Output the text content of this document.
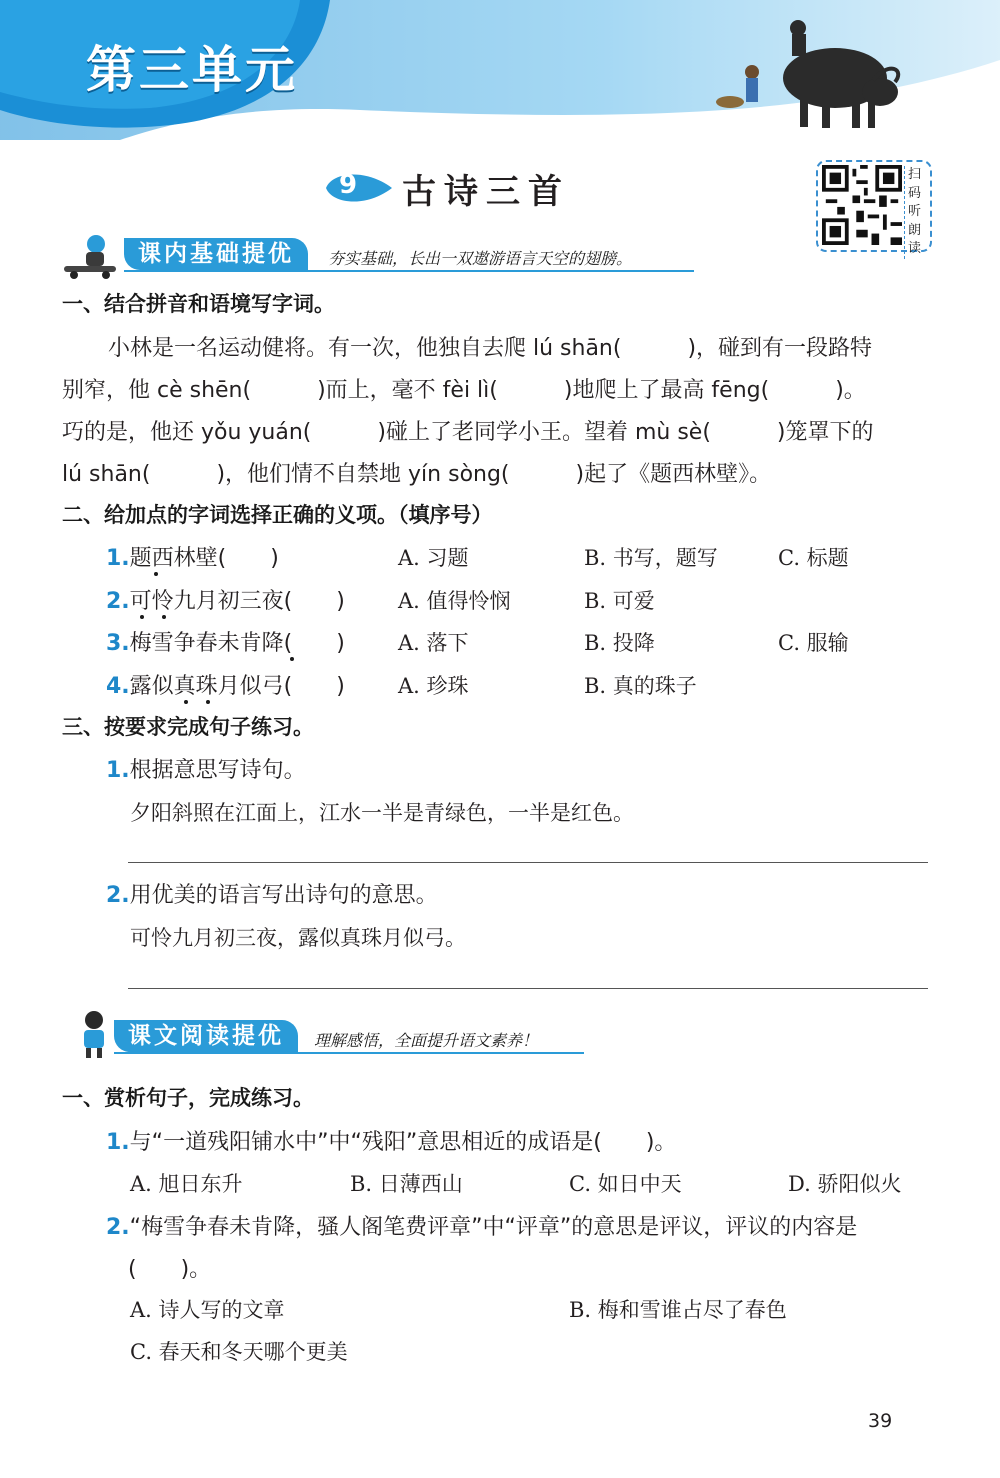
第三单元
9 古诗三首	扫码听朗读
课内基础提优	夯实基础，长出一双遨游语言天空的翅膀。
一、结合拼音和语境写字词。
小林是一名运动健将。有一次，他独自去爬 lú shān(　　　)，碰到有一段路特
别窄，他 cè shēn(　　　)而上，毫不 fèi lì(　　　)地爬上了最高 fēng(　　　)。
巧的是，他还 yǒu yuán(　　　)碰上了老同学小王。望着 mù sè(　　　)笼罩下的
lú shān(　　　)，他们情不自禁地 yín sòng(　　　)起了《题西林壁》。
二、给加点的字词选择正确的义项。（填序号）
1.题西林壁(　　)	A. 习题	B. 书写，题写	C. 标题
2.可怜九月初三夜(　　)	A. 值得怜悯	B. 可爱
3.梅雪争春未肯降(　　)	A. 落下	B. 投降	C. 服输
4.露似真珠月似弓(　　)	A. 珍珠	B. 真的珠子
三、按要求完成句子练习。
1.根据意思写诗句。
夕阳斜照在江面上，江水一半是青绿色，一半是红色。
2.用优美的语言写出诗句的意思。
可怜九月初三夜，露似真珠月似弓。
课文阅读提优	理解感悟，全面提升语文素养！
一、赏析句子，完成练习。
1.与“一道残阳铺水中”中“残阳”意思相近的成语是(　　)。
A. 旭日东升	B. 日薄西山	C. 如日中天	D. 骄阳似火
2.“梅雪争春未肯降，骚人阁笔费评章”中“评章”的意思是评议，评议的内容是
(　　)。
A. 诗人写的文章	B. 梅和雪谁占尽了春色
C. 春天和冬天哪个更美
39
